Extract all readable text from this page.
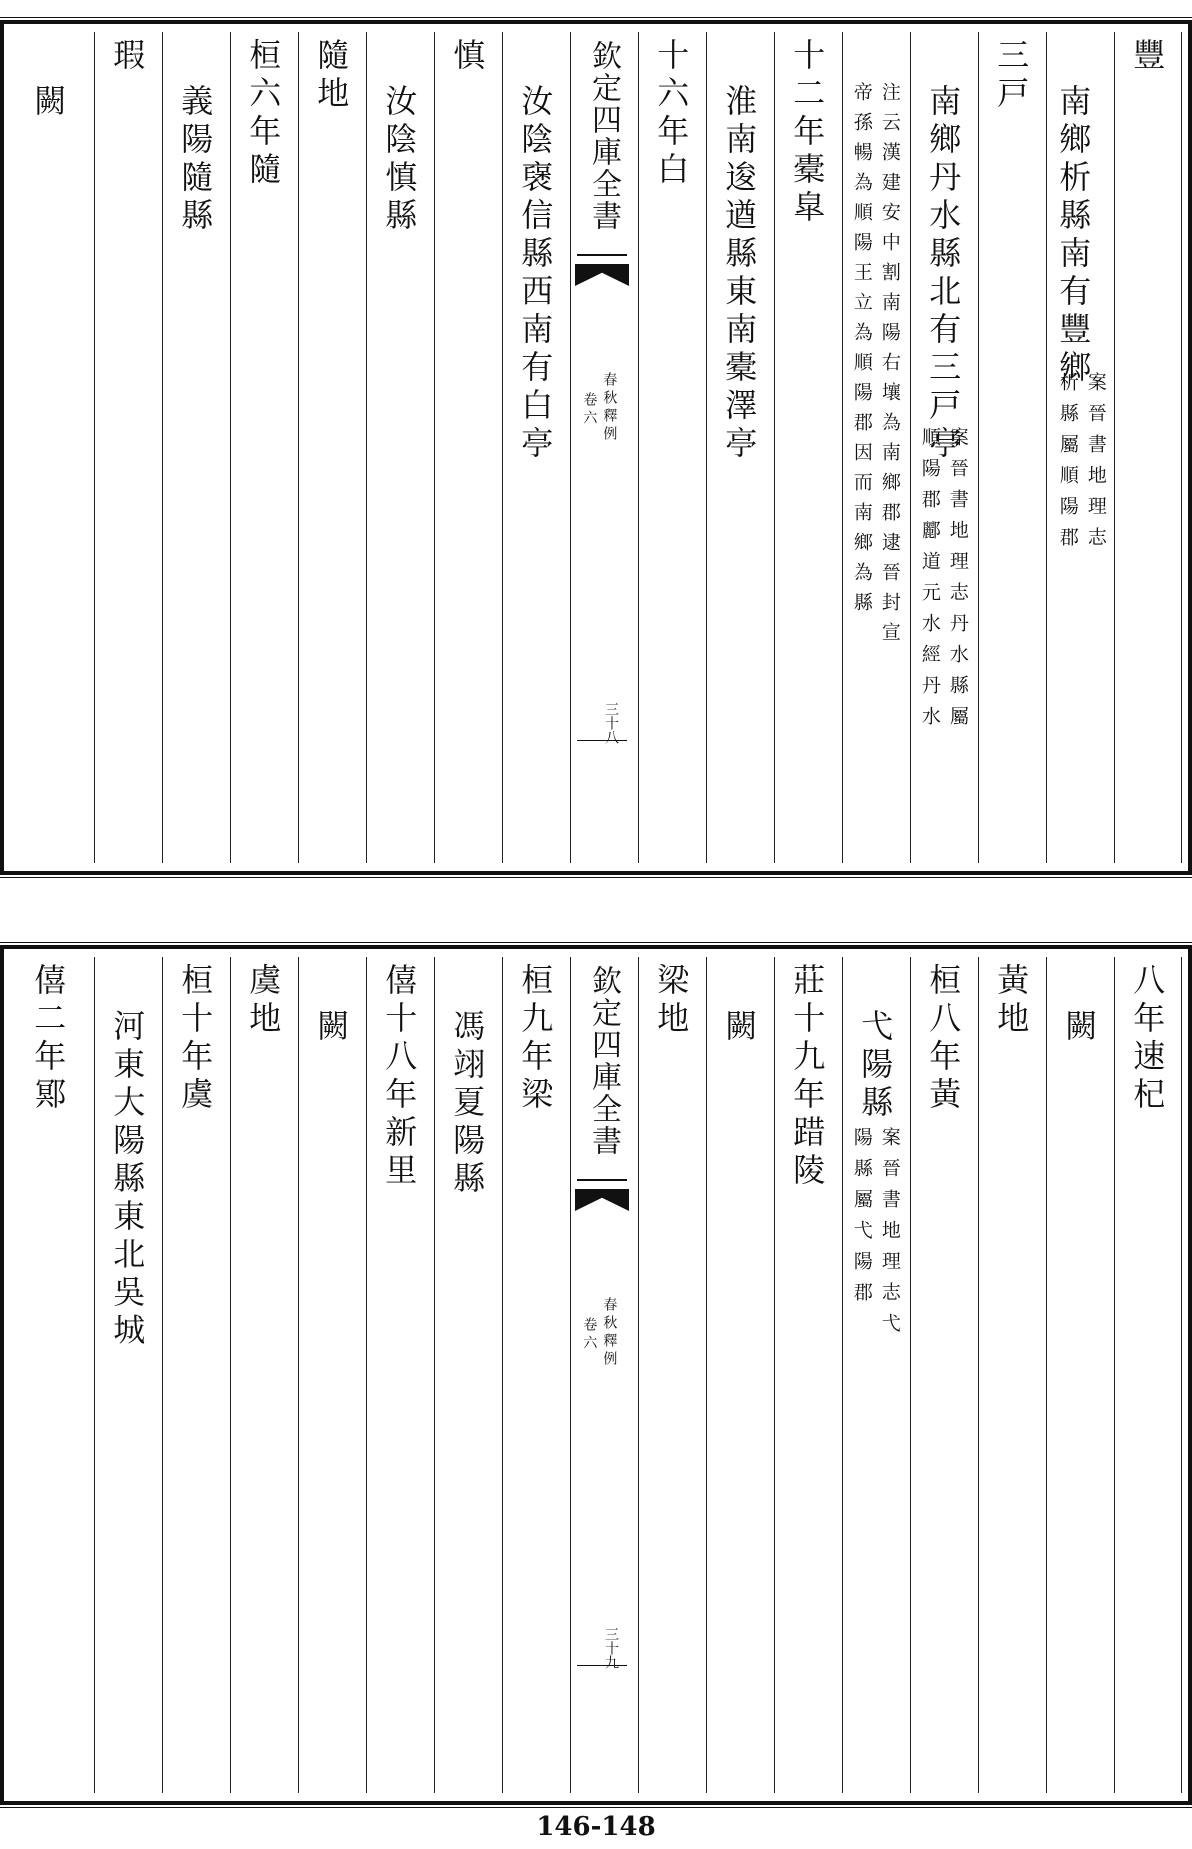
豐
南鄉析縣南有豐鄉
案晉書地理志
析縣屬順陽郡
三戸
南鄉丹水縣北有三戸亭
案晉書地理志丹水縣屬
順陽郡酈道元水經丹水
注云漢建安中割南陽右壤為南鄉郡逮晉封宣
帝孫暢為順陽王立為順陽郡因而南鄉為縣
十二年橐皐
淮南逡遒縣東南橐澤亭
十六年白
欽定四庫全書
春秋釋例
卷六
三十八
汝陰襃信縣西南有白亭
慎
汝陰慎縣
隨地
桓六年隨
義陽隨縣
瑕
闕
八年速杞
闕
黃地
桓八年黃
弋陽縣
案晉書地理志弋
陽縣屬弋陽郡
莊十九年踖陵
闕
梁地
欽定四庫全書
春秋釋例
卷六
三十九
桓九年梁
馮翊夏陽縣
僖十八年新里
闕
虞地
桓十年虞
河東大陽縣東北吳城
僖二年鄍
146-148
